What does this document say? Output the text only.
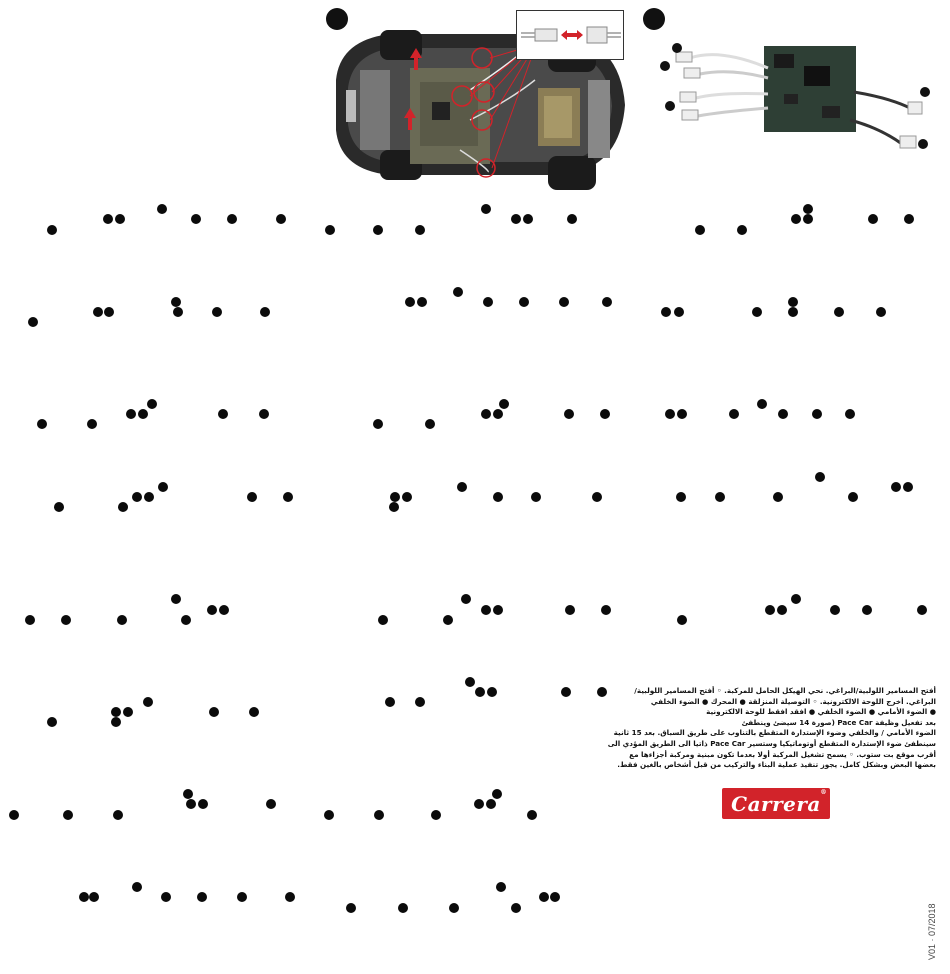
أفتح المسامير اللولبية/البراغي. نحي الهيكل الحامل للمركبة. ◦ أفتح المسامير اللولبية/
البراغي. أخرج اللوحة الالكترونية. ◦ التوصيلة المنزلقة ● المحرك ● الضوء الخلفي
● الضوء الأمامي ● الضوء الخلفي ● افقد افقط للوحة الالكترونية
بعد تفعيل وظيفة Pace Car (صورة 14 سيضئ وينطفئ
الضوء الأمامي / والخلفي وضوء الإستدارة المتقطع بالتناوب على طريق السباق. بعد 15 ثانية
سينطفئ ضوء الإستدارة المتقطع أوتوماتيكيا وستسير Pace Car ذاتيا الى الطريق المؤدي الى
أقرب موقع بت ستوب. ◦ يسمح تشغيل المركبة أولا بعدما تكون مبنية ومركبة أجزاءها مع
بعضها البعض وبشكل كامل. يجوز تنفيذ عملية البناء والتركيب من قبل أشخاص بالغين فقط.
Carrera ®
V01 · 07/2018
